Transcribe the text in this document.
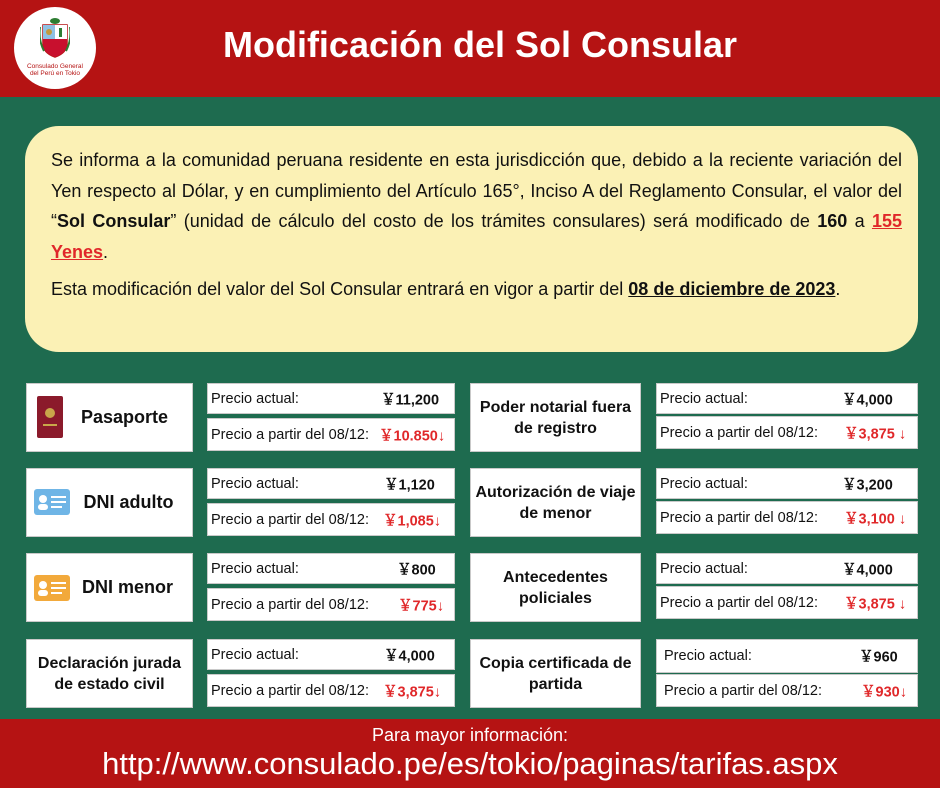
Consulado General
del Perú en Tokio
Modificación del Sol Consular

Se informa a la comunidad peruana residente en esta jurisdicción que, debido a la reciente variación del Yen respecto al Dólar, y en cumplimiento del Artículo 165°, Inciso A del Reglamento Consular, el valor del “Sol Consular” (unidad de cálculo del costo de los trámites consulares) será modificado de 160 a 155 Yenes.

Esta modificación del valor del Sol Consular entrará en vigor a partir del 08 de diciembre de 2023.

Pasaporte
Precio actual:	￥11,200
Precio a partir del 08/12: ￥10.850↓
Poder notarial fuera de registro
Precio actual:	￥4,000
Precio a partir del 08/12: ￥3,875 ↓
DNI adulto
Precio actual:	￥1,120
Precio a partir del 08/12: ￥1,085↓
Autorización de viaje de menor
Precio actual:	￥3,200
Precio a partir del 08/12: ￥3,100 ↓
DNI menor
Precio actual:	￥800
Precio a partir del 08/12: ￥775↓
Antecedentes policiales
Precio actual:	￥4,000
Precio a partir del 08/12: ￥3,875 ↓
Declaración jurada de estado civil
Precio actual:	￥4,000
Precio a partir del 08/12: ￥3,875↓
Copia certificada de partida
Precio actual:	￥960
Precio a partir del 08/12:	￥930↓
Para mayor información:
http://www.consulado.pe/es/tokio/paginas/tarifas.aspx
